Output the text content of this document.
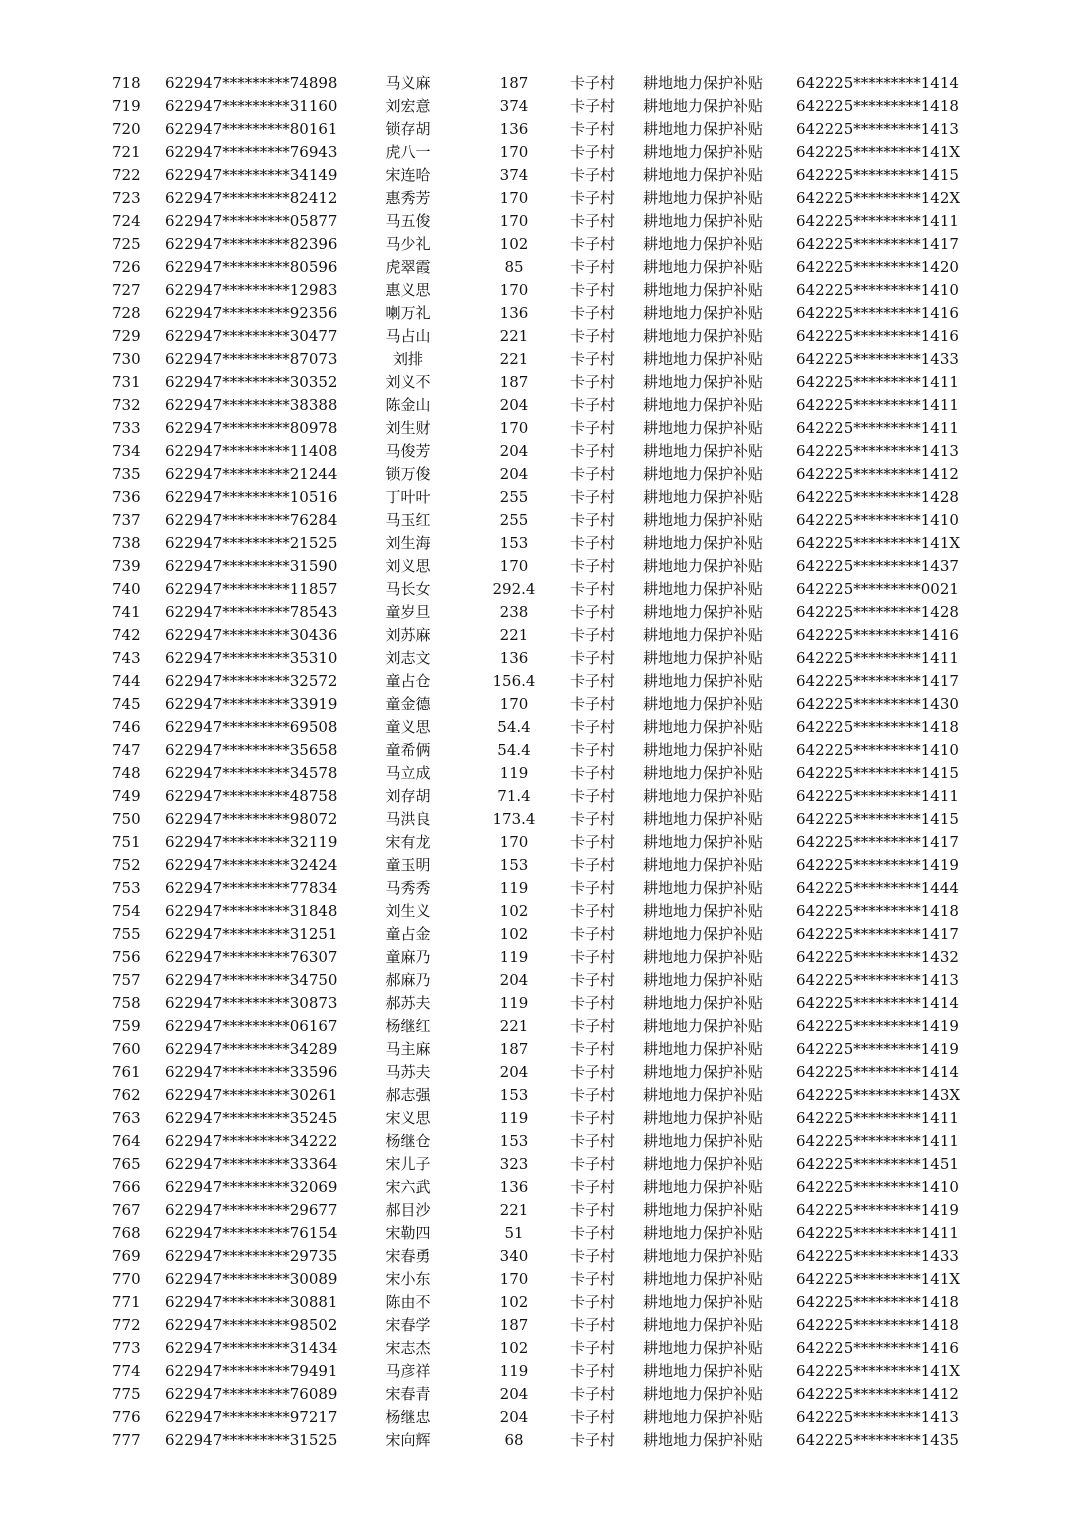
718	622947*********74898	马义麻	187	卡子村	耕地地力保护补贴	642225*********1414
719	622947*********31160	刘宏意	374	卡子村	耕地地力保护补贴	642225*********1418
720	622947*********80161	锁存胡	136	卡子村	耕地地力保护补贴	642225*********1413
721	622947*********76943	虎八一	170	卡子村	耕地地力保护补贴	642225*********141X
722	622947*********34149	宋连哈	374	卡子村	耕地地力保护补贴	642225*********1415
723	622947*********82412	惠秀芳	170	卡子村	耕地地力保护补贴	642225*********142X
724	622947*********05877	马五俊	170	卡子村	耕地地力保护补贴	642225*********1411
725	622947*********82396	马少礼	102	卡子村	耕地地力保护补贴	642225*********1417
726	622947*********80596	虎翠霞	85	卡子村	耕地地力保护补贴	642225*********1420
727	622947*********12983	惠义思	170	卡子村	耕地地力保护补贴	642225*********1410
728	622947*********92356	喇万礼	136	卡子村	耕地地力保护补贴	642225*********1416
729	622947*********30477	马占山	221	卡子村	耕地地力保护补贴	642225*********1416
730	622947*********87073	刘排	221	卡子村	耕地地力保护补贴	642225*********1433
731	622947*********30352	刘义不	187	卡子村	耕地地力保护补贴	642225*********1411
732	622947*********38388	陈金山	204	卡子村	耕地地力保护补贴	642225*********1411
733	622947*********80978	刘生财	170	卡子村	耕地地力保护补贴	642225*********1411
734	622947*********11408	马俊芳	204	卡子村	耕地地力保护补贴	642225*********1413
735	622947*********21244	锁万俊	204	卡子村	耕地地力保护补贴	642225*********1412
736	622947*********10516	丁叶叶	255	卡子村	耕地地力保护补贴	642225*********1428
737	622947*********76284	马玉红	255	卡子村	耕地地力保护补贴	642225*********1410
738	622947*********21525	刘生海	153	卡子村	耕地地力保护补贴	642225*********141X
739	622947*********31590	刘义思	170	卡子村	耕地地力保护补贴	642225*********1437
740	622947*********11857	马长女	292.4	卡子村	耕地地力保护补贴	642225*********0021
741	622947*********78543	童岁旦	238	卡子村	耕地地力保护补贴	642225*********1428
742	622947*********30436	刘苏麻	221	卡子村	耕地地力保护补贴	642225*********1416
743	622947*********35310	刘志文	136	卡子村	耕地地力保护补贴	642225*********1411
744	622947*********32572	童占仓	156.4	卡子村	耕地地力保护补贴	642225*********1417
745	622947*********33919	童金德	170	卡子村	耕地地力保护补贴	642225*********1430
746	622947*********69508	童义思	54.4	卡子村	耕地地力保护补贴	642225*********1418
747	622947*********35658	童希俩	54.4	卡子村	耕地地力保护补贴	642225*********1410
748	622947*********34578	马立成	119	卡子村	耕地地力保护补贴	642225*********1415
749	622947*********48758	刘存胡	71.4	卡子村	耕地地力保护补贴	642225*********1411
750	622947*********98072	马洪良	173.4	卡子村	耕地地力保护补贴	642225*********1415
751	622947*********32119	宋有龙	170	卡子村	耕地地力保护补贴	642225*********1417
752	622947*********32424	童玉明	153	卡子村	耕地地力保护补贴	642225*********1419
753	622947*********77834	马秀秀	119	卡子村	耕地地力保护补贴	642225*********1444
754	622947*********31848	刘生义	102	卡子村	耕地地力保护补贴	642225*********1418
755	622947*********31251	童占金	102	卡子村	耕地地力保护补贴	642225*********1417
756	622947*********76307	童麻乃	119	卡子村	耕地地力保护补贴	642225*********1432
757	622947*********34750	郝麻乃	204	卡子村	耕地地力保护补贴	642225*********1413
758	622947*********30873	郝苏夫	119	卡子村	耕地地力保护补贴	642225*********1414
759	622947*********06167	杨继红	221	卡子村	耕地地力保护补贴	642225*********1419
760	622947*********34289	马主麻	187	卡子村	耕地地力保护补贴	642225*********1419
761	622947*********33596	马苏夫	204	卡子村	耕地地力保护补贴	642225*********1414
762	622947*********30261	郝志强	153	卡子村	耕地地力保护补贴	642225*********143X
763	622947*********35245	宋义思	119	卡子村	耕地地力保护补贴	642225*********1411
764	622947*********34222	杨继仓	153	卡子村	耕地地力保护补贴	642225*********1411
765	622947*********33364	宋儿子	323	卡子村	耕地地力保护补贴	642225*********1451
766	622947*********32069	宋六武	136	卡子村	耕地地力保护补贴	642225*********1410
767	622947*********29677	郝目沙	221	卡子村	耕地地力保护补贴	642225*********1419
768	622947*********76154	宋勒四	51	卡子村	耕地地力保护补贴	642225*********1411
769	622947*********29735	宋春勇	340	卡子村	耕地地力保护补贴	642225*********1433
770	622947*********30089	宋小东	170	卡子村	耕地地力保护补贴	642225*********141X
771	622947*********30881	陈由不	102	卡子村	耕地地力保护补贴	642225*********1418
772	622947*********98502	宋春学	187	卡子村	耕地地力保护补贴	642225*********1418
773	622947*********31434	宋志杰	102	卡子村	耕地地力保护补贴	642225*********1416
774	622947*********79491	马彦祥	119	卡子村	耕地地力保护补贴	642225*********141X
775	622947*********76089	宋春青	204	卡子村	耕地地力保护补贴	642225*********1412
776	622947*********97217	杨继忠	204	卡子村	耕地地力保护补贴	642225*********1413
777	622947*********31525	宋向辉	68	卡子村	耕地地力保护补贴	642225*********1435
